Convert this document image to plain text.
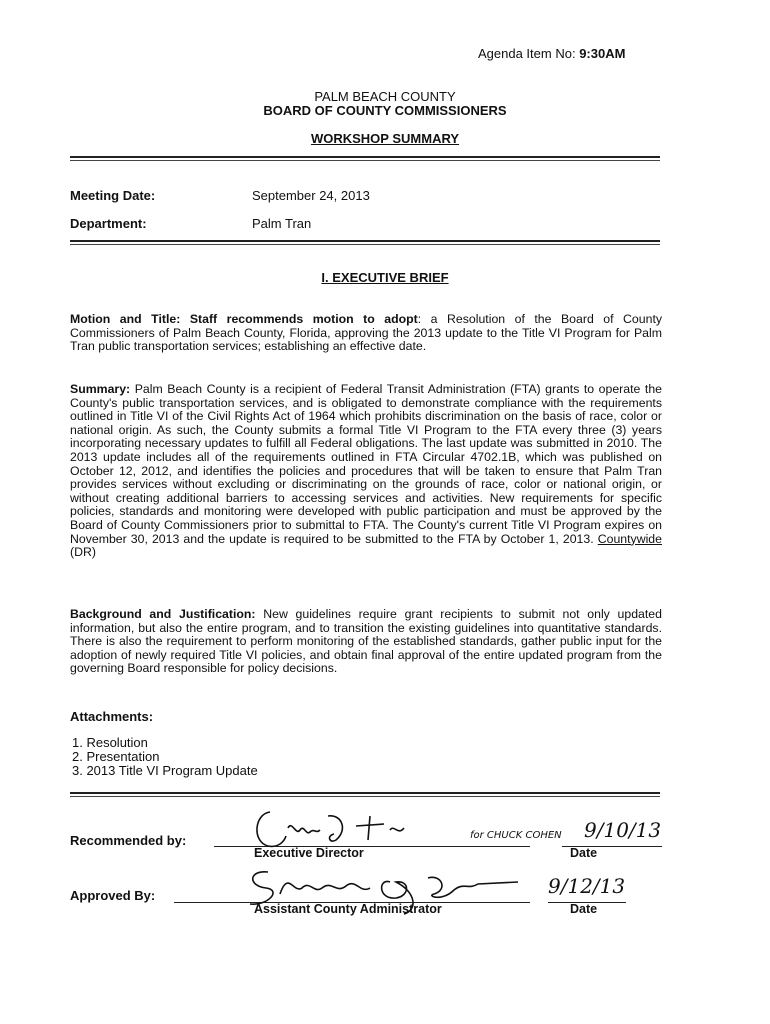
Agenda Item No: 9:30AM
PALM BEACH COUNTY
BOARD OF COUNTY COMMISSIONERS
WORKSHOP SUMMARY
Meeting Date:	September 24, 2013
Department:	Palm Tran
I. EXECUTIVE BRIEF
Motion and Title: Staff recommends motion to adopt: a Resolution of the Board of County Commissioners of Palm Beach County, Florida, approving the 2013 update to the Title VI Program for Palm Tran public transportation services; establishing an effective date.
Summary: Palm Beach County is a recipient of Federal Transit Administration (FTA) grants to operate the County's public transportation services, and is obligated to demonstrate compliance with the requirements outlined in Title VI of the Civil Rights Act of 1964 which prohibits discrimination on the basis of race, color or national origin. As such, the County submits a formal Title VI Program to the FTA every three (3) years incorporating necessary updates to fulfill all Federal obligations. The last update was submitted in 2010. The 2013 update includes all of the requirements outlined in FTA Circular 4702.1B, which was published on October 12, 2012, and identifies the policies and procedures that will be taken to ensure that Palm Tran provides services without excluding or discriminating on the grounds of race, color or national origin, or without creating additional barriers to accessing services and activities. New requirements for specific policies, standards and monitoring were developed with public participation and must be approved by the Board of County Commissioners prior to submittal to FTA. The County's current Title VI Program expires on November 30, 2013 and the update is required to be submitted to the FTA by October 1, 2013. Countywide (DR)
Background and Justification: New guidelines require grant recipients to submit not only updated information, but also the entire program, and to transition the existing guidelines into quantitative standards. There is also the requirement to perform monitoring of the established standards, gather public input for the adoption of newly required Title VI policies, and obtain final approval of the entire updated program from the governing Board responsible for policy decisions.
Attachments:
1. Resolution
2. Presentation
3. 2013 Title VI Program Update
Recommended by:
Executive Director	Date
for CHUCK COHEN 9/10/13
Approved By:
Assistant County Administrator	Date
9/12/13
